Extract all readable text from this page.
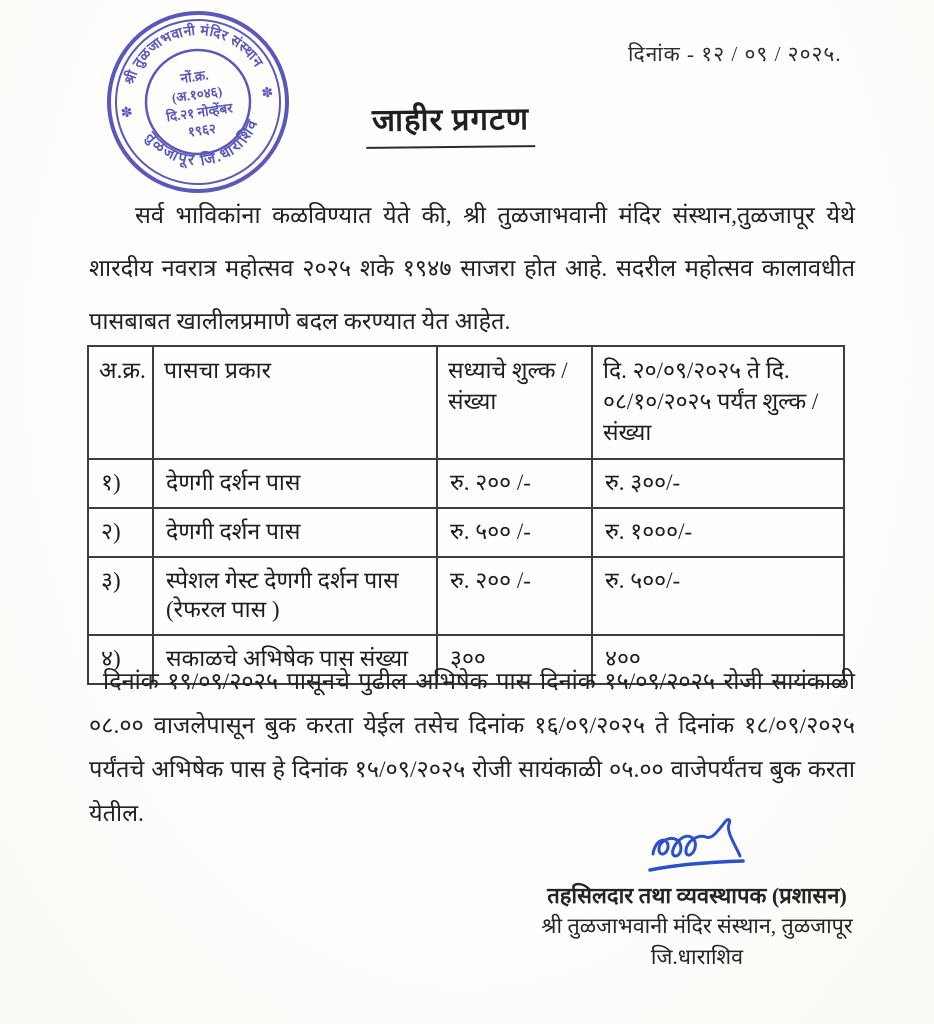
श्री तुळजाभवानी मंदिर संस्थान
तुळजापूर जि.धाराशिव
✽
✽
नों.क्र.
(अ.१०४६)
दि.२१ नोव्हेंबर
१९६२
दिनांक - १२ / ०९ / २०२५.
जाहीर प्रगटण

सर्व भाविकांना कळविण्यात येते की, श्री तुळजाभवानी मंदिर संस्थान,तुळजापूर येथे शारदीय नवरात्र महोत्सव २०२५ शके १९४७ साजरा होत आहे. सदरील महोत्सव कालावधीत पासबाबत खालीलप्रमाणे बदल करण्यात येत आहेत.

अ.क्र.	पासचा प्रकार	सध्याचे शुल्क / संख्या	दि. २०/०९/२०२५ ते दि. ०८/१०/२०२५ पर्यंत शुल्क / संख्या
१)	देणगी दर्शन पास	रु. २०० /-	रु. ३००/-
२)	देणगी दर्शन पास	रु. ५०० /-	रु. १०००/-
३)	स्पेशल गेस्ट देणगी दर्शन पास (रेफरल पास )	रु. २०० /-	रु. ५००/-
४)	सकाळचे अभिषेक पास संख्या	३००	४००

दिनांक १९/०९/२०२५ पासूनचे पुढील अभिषेक पास दिनांक १५/०९/२०२५ रोजी सायंकाळी ०८.०० वाजलेपासून बुक करता येईल तसेच दिनांक १६/०९/२०२५ ते दिनांक १८/०९/२०२५ पर्यंतचे अभिषेक पास हे दिनांक १५/०९/२०२५ रोजी सायंकाळी ०५.०० वाजेपर्यंतच बुक करता येतील.

तहसिलदार तथा व्यवस्थापक (प्रशासन)
श्री तुळजाभवानी मंदिर संस्थान, तुळजापूर
जि.धाराशिव
